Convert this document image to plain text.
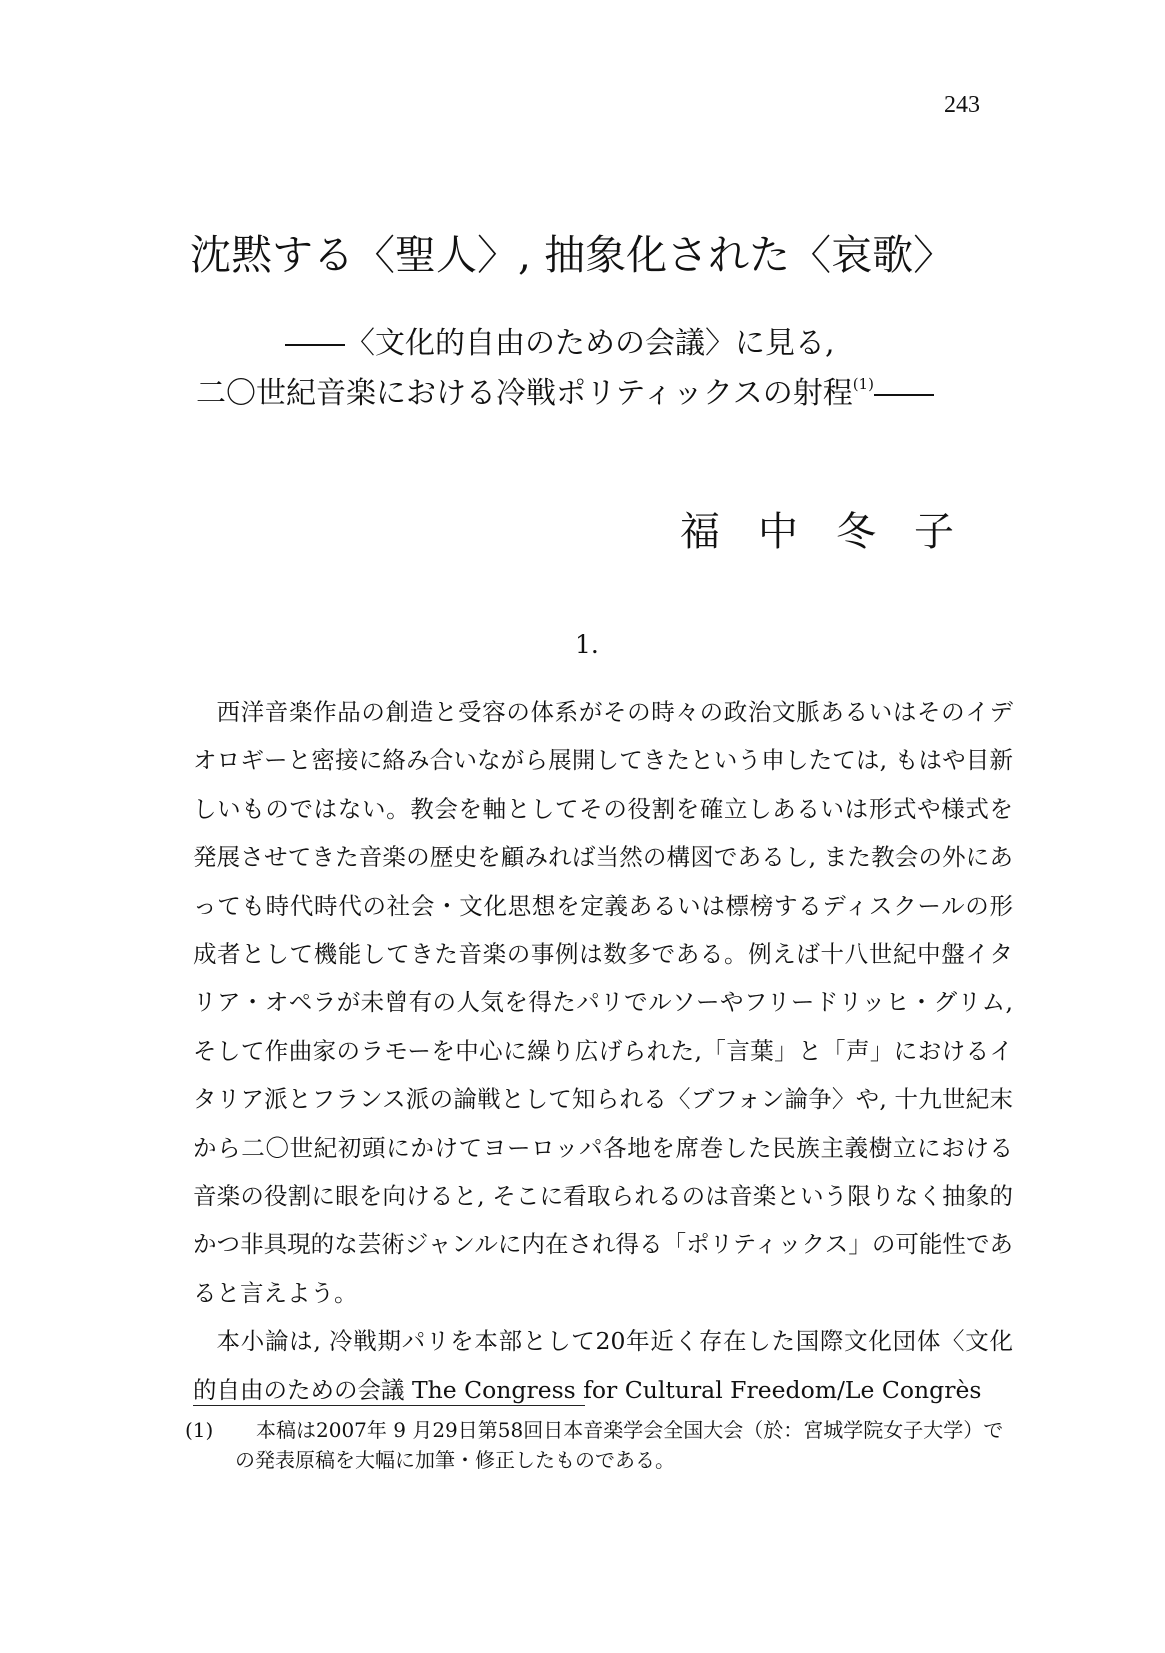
243
沈黙する〈聖人〉, 抽象化された〈哀歌〉
――〈文化的自由のための会議〉に見る,
二〇世紀音楽における冷戦ポリティックスの射程$^{(1)}$――
福中冬子
1.

西洋音楽作品の創造と受容の体系がその時々の政治文脈あるいはそのイデオロギーと密接に絡み合いながら展開してきたという申したては, もはや目新しいものではない。教会を軸としてその役割を確立しあるいは形式や様式を発展させてきた音楽の歴史を顧みれば当然の構図であるし, また教会の外にあっても時代時代の社会・文化思想を定義あるいは標榜するディスクールの形成者として機能してきた音楽の事例は数多である。例えば十八世紀中盤イタリア・オペラが未曾有の人気を得たパリでルソーやフリードリッヒ・グリム, そして作曲家のラモーを中心に繰り広げられた,「言葉」と「声」におけるイタリア派とフランス派の論戦として知られる〈ブフォン論争〉や, 十九世紀末から二〇世紀初頭にかけてヨーロッパ各地を席巻した民族主義樹立における音楽の役割に眼を向けると, そこに看取られるのは音楽という限りなく抽象的かつ非具現的な芸術ジャンルに内在され得る「ポリティックス」の可能性であると言えよう。

本小論は, 冷戦期パリを本部として20年近く存在した国際文化団体〈文化的自由のための会議 The Congress for Cultural Freedom/Le Congrès

(1) 本稿は2007年 9 月29日第58回日本音楽学会全国大会（於：宮城学院女子大学）での発表原稿を大幅に加筆・修正したものである。
